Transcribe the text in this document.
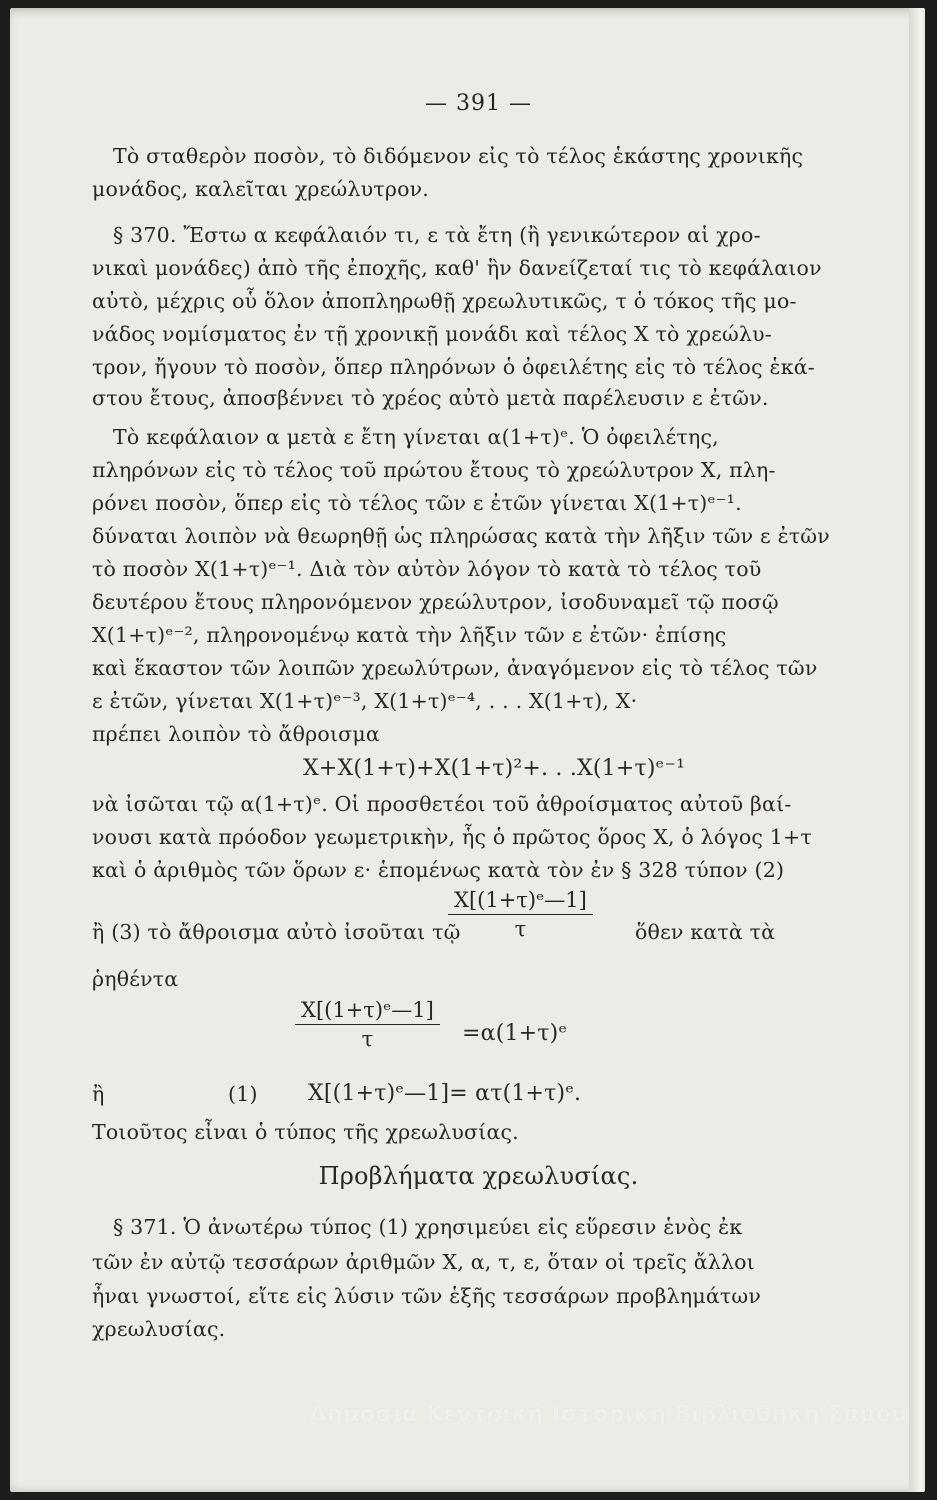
— 391 —
Τὸ σταθερὸν ποσὸν, τὸ διδόμενον εἰς τὸ τέλος ἑκάστης χρονικῆς
μονάδος, καλεῖται χρεώλυτρον.
§ 370. Ἔστω α κεφάλαιόν τι, ε τὰ ἔτη (ἢ γενικώτερον αἱ χρο-
νικαὶ μονάδες) ἀπὸ τῆς ἐποχῆς, καθ' ἣν δανείζεταί τις τὸ κεφάλαιον
αὐτὸ, μέχρις οὗ ὅλον ἀποπληρωθῇ χρεωλυτικῶς, τ ὁ τόκος τῆς μο-
νάδος νομίσματος ἐν τῇ χρονικῇ μονάδι καὶ τέλος Χ τὸ χρεώλυ-
τρον, ἤγουν τὸ ποσὸν, ὅπερ πληρόνων ὁ ὀφειλέτης εἰς τὸ τέλος ἑκά-
στου ἔτους, ἀποσβέννει τὸ χρέος αὐτὸ μετὰ παρέλευσιν ε ἐτῶν.
Τὸ κεφάλαιον α μετὰ ε ἔτη γίνεται α(1+τ)ᵉ. Ὁ ὀφειλέτης,
πληρόνων εἰς τὸ τέλος τοῦ πρώτου ἔτους τὸ χρεώλυτρον Χ, πλη-
ρόνει ποσὸν, ὅπερ εἰς τὸ τέλος τῶν ε ἐτῶν γίνεται Χ(1+τ)ᵉ⁻¹.
δύναται λοιπὸν νὰ θεωρηθῇ ὡς πληρώσας κατὰ τὴν λῆξιν τῶν ε ἐτῶν
τὸ ποσὸν Χ(1+τ)ᵉ⁻¹. Διὰ τὸν αὐτὸν λόγον τὸ κατὰ τὸ τέλος τοῦ
δευτέρου ἔτους πληρονόμενον χρεώλυτρον, ἰσοδυναμεῖ τῷ ποσῷ
Χ(1+τ)ᵉ⁻², πληρονομένῳ κατὰ τὴν λῆξιν τῶν ε ἐτῶν· ἐπίσης
καὶ ἕκαστον τῶν λοιπῶν χρεωλύτρων, ἀναγόμενον εἰς τὸ τέλος τῶν
ε ἐτῶν, γίνεται Χ(1+τ)ᵉ⁻³, Χ(1+τ)ᵉ⁻⁴, . . . Χ(1+τ), Χ·
πρέπει λοιπὸν τὸ ἄθροισμα
Χ+Χ(1+τ)+Χ(1+τ)²+. . .Χ(1+τ)ᵉ⁻¹
νὰ ἰσῶται τῷ α(1+τ)ᵉ. Οἱ προσθετέοι τοῦ ἀθροίσματος αὐτοῦ βαί-
νουσι κατὰ πρόοδον γεωμετρικὴν, ἧς ὁ πρῶτος ὅρος Χ, ὁ λόγος 1+τ
καὶ ὁ ἀριθμὸς τῶν ὅρων ε· ἑπομένως κατὰ τὸν ἐν § 328 τύπον (2)
ἢ (3) τὸ ἄθροισμα αὐτὸ ἰσοῦται τῷ
$\frac{\text{Χ[(1+τ)ᵉ—1]}}{\tau}$ ὅθεν κατὰ τὰ
ῥηθέντα
$\frac{\text{Χ[(1+τ)ᵉ—1]}}{\tau}$ =α(1+τ)ᵉ
ἢ	(1) Χ[(1+τ)ᵉ—1]= ατ(1+τ)ᵉ.
Τοιοῦτος εἶναι ὁ τύπος τῆς χρεωλυσίας.
Προβλήματα χρεωλυσίας.
§ 371. Ὁ ἀνωτέρω τύπος (1) χρησιμεύει εἰς εὕρεσιν ἑνὸς ἐκ
τῶν ἐν αὐτῷ τεσσάρων ἀριθμῶν Χ, α, τ, ε, ὅταν οἱ τρεῖς ἄλλοι
ἦναι γνωστοί, εἴτε εἰς λύσιν τῶν ἑξῆς τεσσάρων προβλημάτων
χρεωλυσίας.
Δημόσια Κεντρική Ιστορική Βιβλιοθήκη Σάμου
